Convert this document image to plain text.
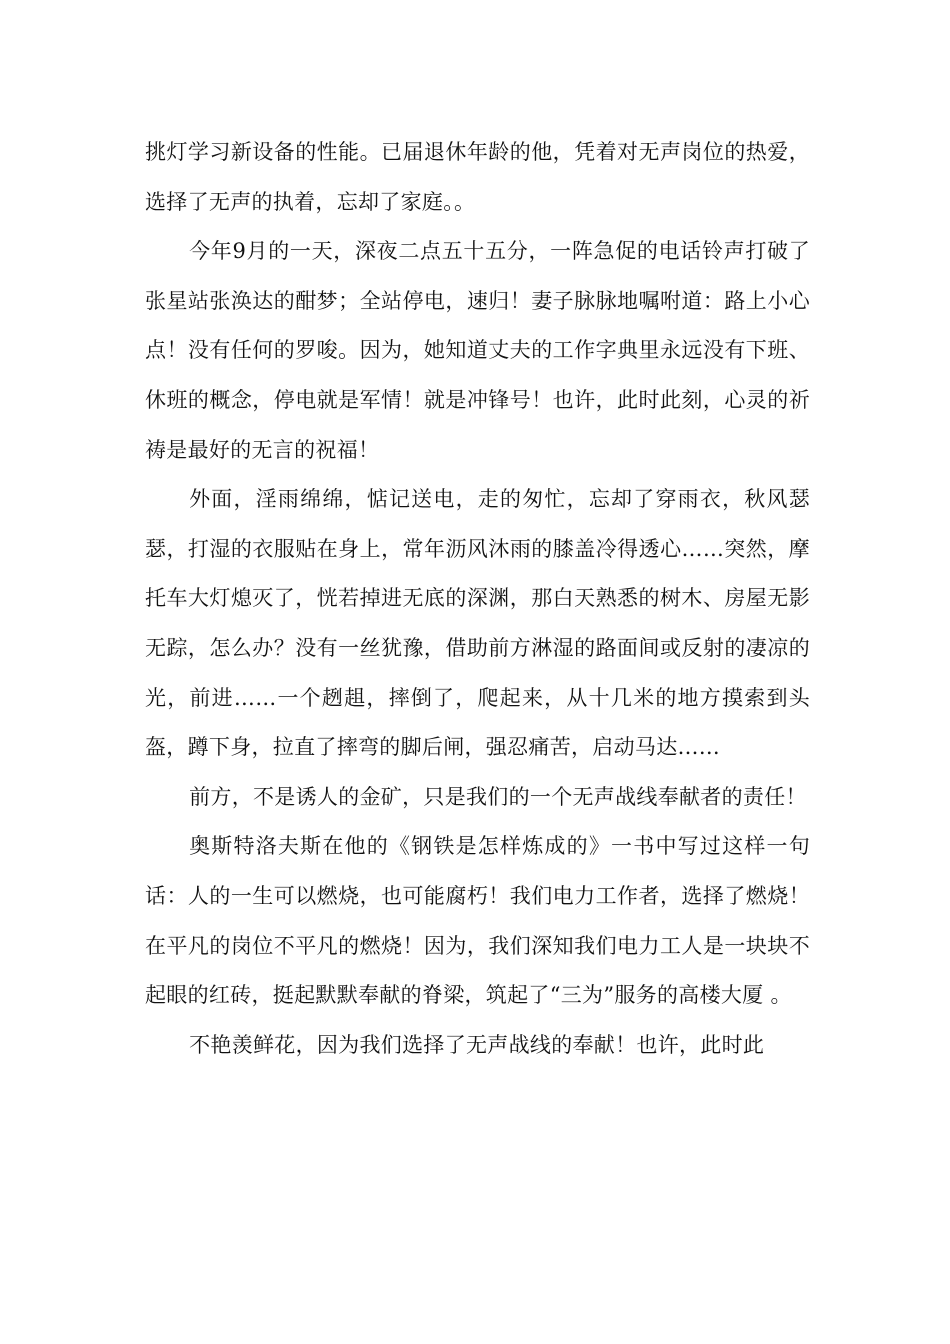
挑灯学习新设备的性能。已届退休年龄的他，凭着对无声岗位的热爱，选择了无声的执着，忘却了家庭。。

今年9月的一天，深夜二点五十五分，一阵急促的电话铃声打破了张星站张涣达的酣梦；全站停电，速归！妻子脉脉地嘱咐道：路上小心点！没有任何的罗唆。因为，她知道丈夫的工作字典里永远没有下班、休班的概念，停电就是军情！就是冲锋号！也许，此时此刻，心灵的祈祷是最好的无言的祝福！

外面，淫雨绵绵，惦记送电，走的匆忙，忘却了穿雨衣，秋风瑟瑟，打湿的衣服贴在身上，常年沥风沐雨的膝盖冷得透心……突然，摩托车大灯熄灭了，恍若掉进无底的深渊，那白天熟悉的树木、房屋无影无踪，怎么办？没有一丝犹豫，借助前方淋湿的路面间或反射的凄凉的光，前进……一个趔趄，摔倒了，爬起来，从十几米的地方摸索到头盔，蹲下身，拉直了摔弯的脚后闸，强忍痛苦，启动马达……

前方，不是诱人的金矿，只是我们的一个无声战线奉献者的责任！

奥斯特洛夫斯在他的《钢铁是怎样炼成的》一书中写过这样一句话：人的一生可以燃烧，也可能腐朽！我们电力工作者，选择了燃烧！在平凡的岗位不平凡的燃烧！因为，我们深知我们电力工人是一块块不起眼的红砖，挺起默默奉献的脊梁，筑起了“三为”服务的高楼大厦 。

不艳羡鲜花，因为我们选择了无声战线的奉献！也许，此时此
